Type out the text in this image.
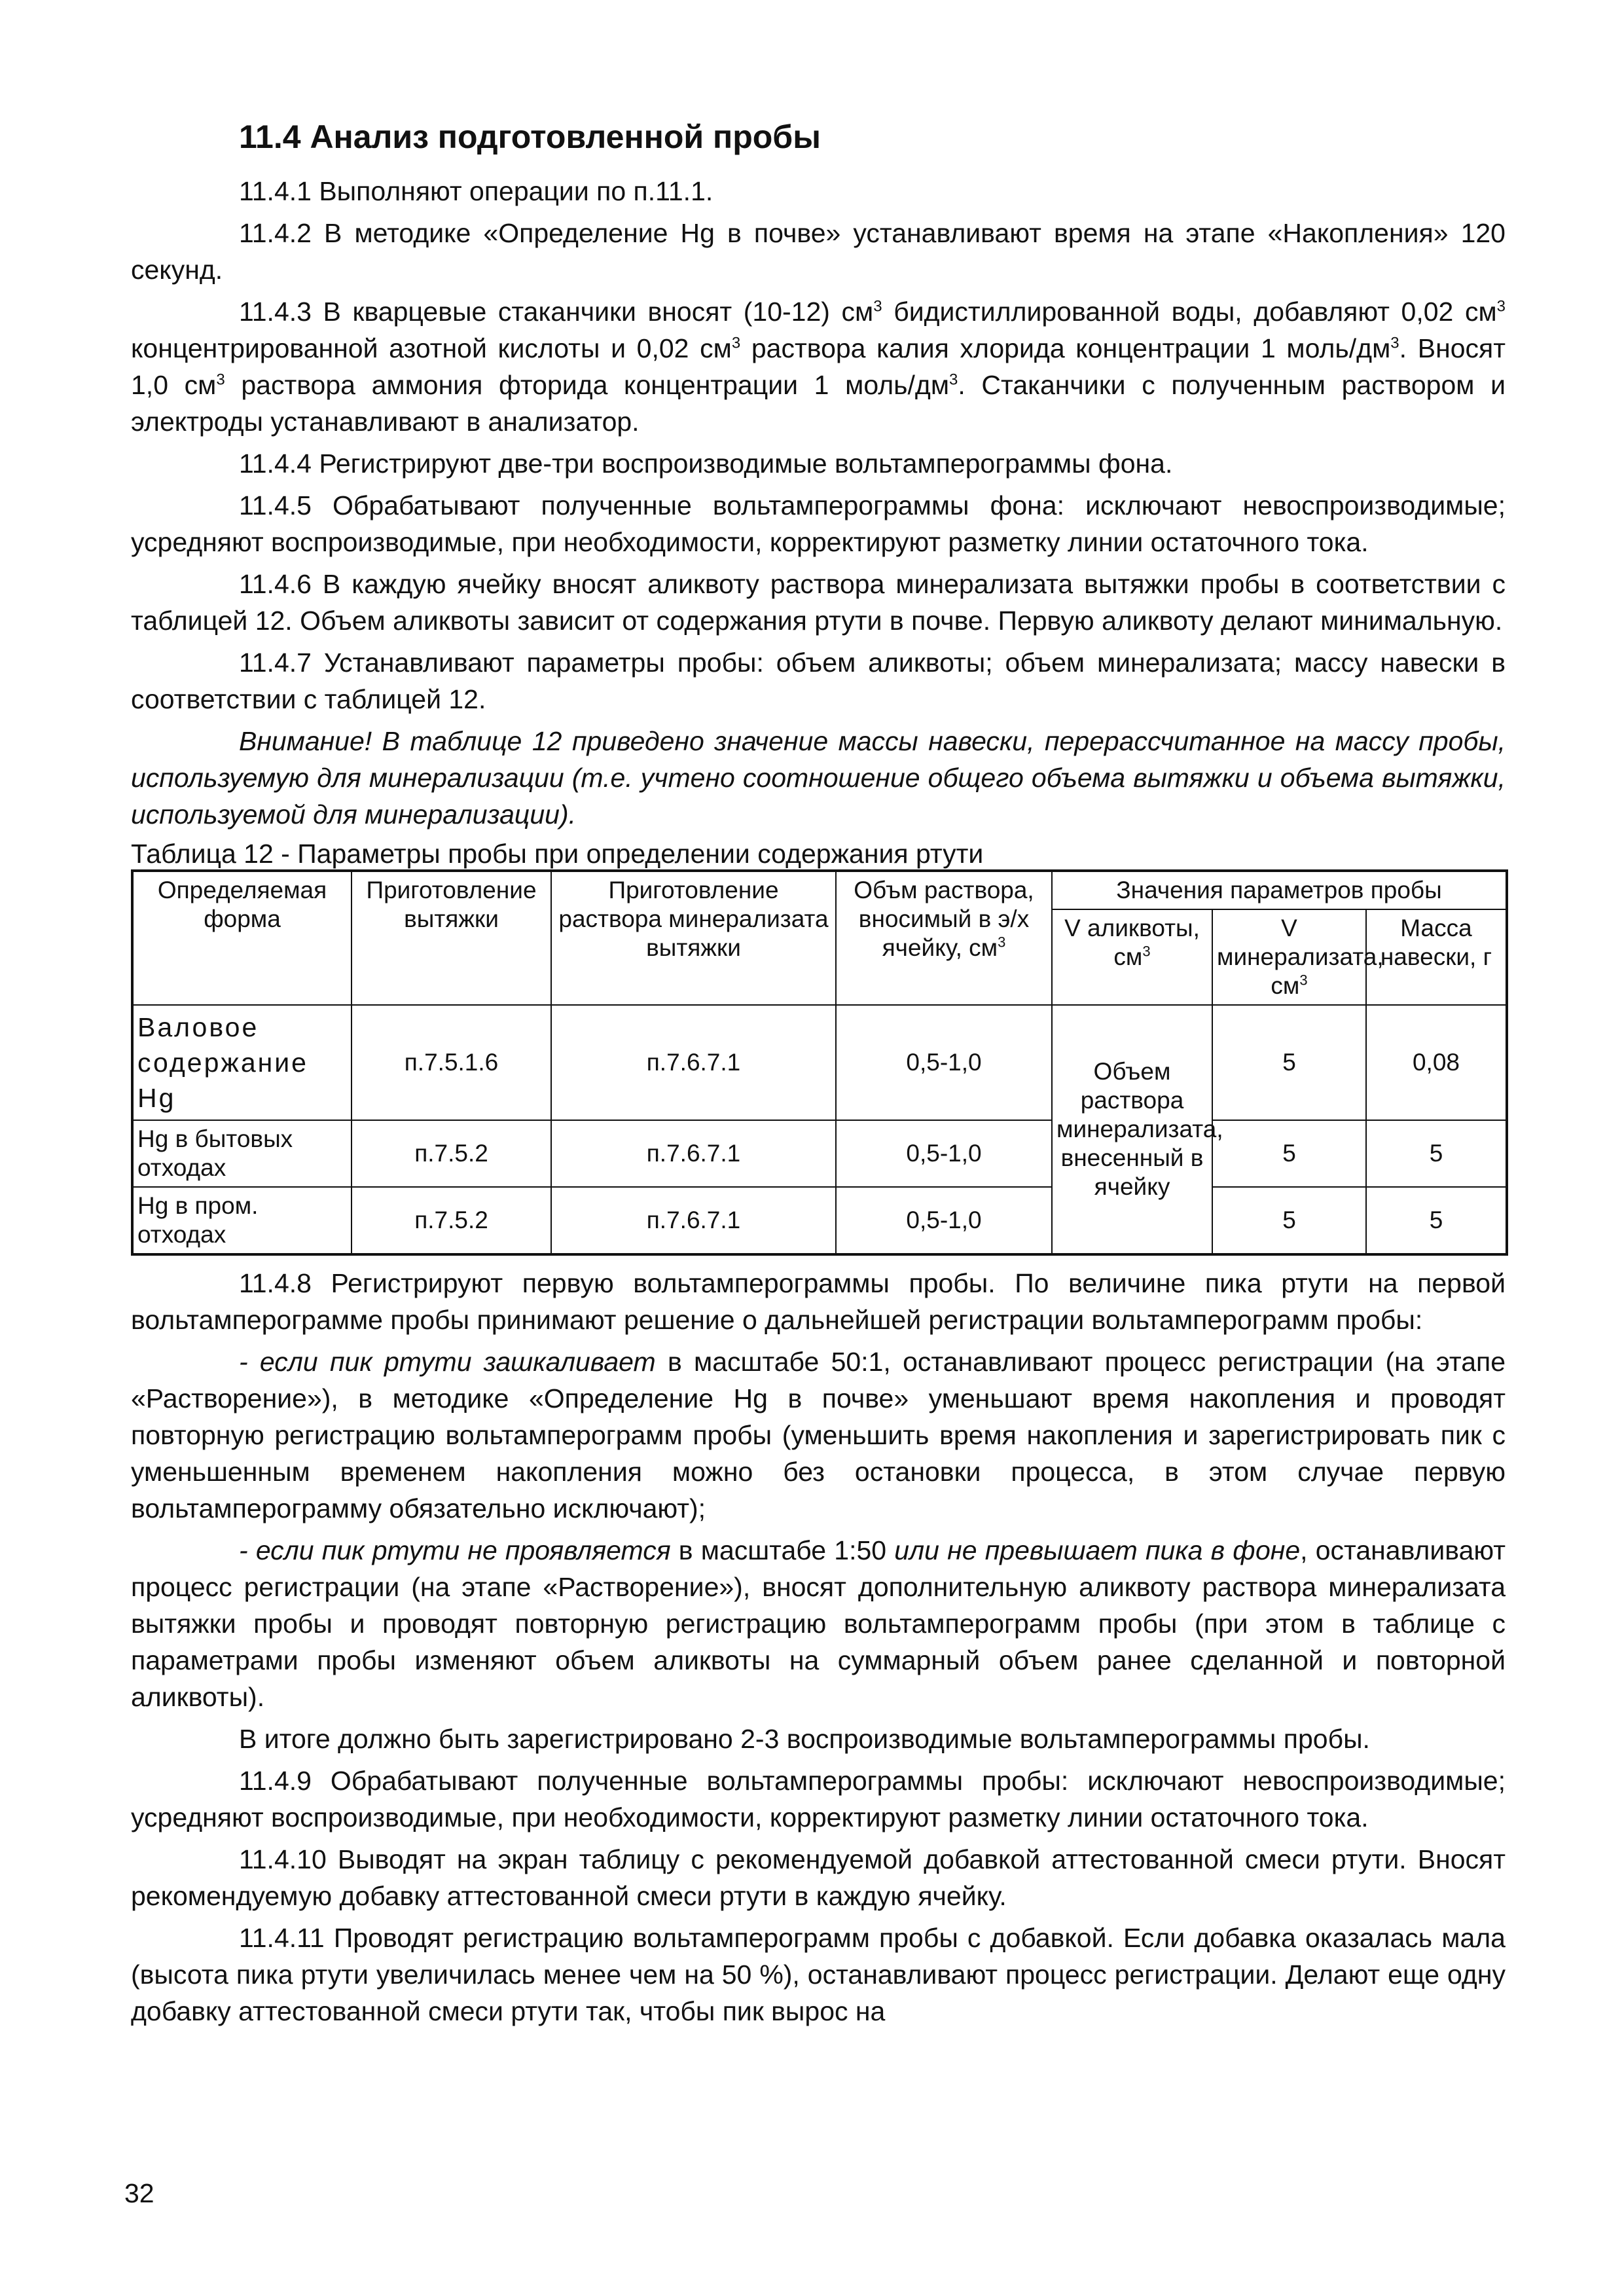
11.4 Анализ подготовленной пробы

11.4.1 Выполняют операции по п.11.1.

11.4.2 В методике «Определение Hg в почве» устанавливают время на этапе «Накопления» 120 секунд.

11.4.3 В кварцевые стаканчики вносят (10-12) $см^3$ бидистиллированной воды, добавляют 0,02 $см^3$ концентрированной азотной кислоты и 0,02 $см^3$ раствора калия хлорида концентрации 1 моль/$дм^3$. Вносят 1,0 $см^3$ раствора аммония фторида концентрации 1 моль/$дм^3$. Стаканчики с полученным раствором и электроды устанавливают в анализатор.

11.4.4 Регистрируют две-три воспроизводимые вольтамперограммы фона.

11.4.5 Обрабатывают полученные вольтамперограммы фона: исключают невоспроизводимые; усредняют воспроизводимые, при необходимости, корректируют разметку линии остаточного тока.

11.4.6 В каждую ячейку вносят аликвоту раствора минерализата вытяжки пробы в соответствии с таблицей 12. Объем аликвоты зависит от содержания ртути в почве. Первую аликвоту делают минимальную.

11.4.7 Устанавливают параметры пробы: объем аликвоты; объем минерализата; массу навески в соответствии с таблицей 12.

Внимание! В таблице 12 приведено значение массы навески, перерассчитанное на массу пробы, используемую для минерализации (т.е. учтено соотношение общего объема вытяжки и объема вытяжки, используемой для минерализации).

Таблица 12 - Параметры пробы при определении содержания ртути
Определяемая форма	Приготовление вытяжки	Приготовление раствора минерализата вытяжки	Объм раствора, вносимый в э/х ячейку, $см^3$	Значения параметров пробы		
				V аликвоты, $см^3$	V минерализата, $см^3$	Масса навески, г
Валовое содержание Hg	п.7.5.1.6	п.7.6.7.1	0,5-1,0	Объем раствора минерализата, внесенный в ячейку	5	0,08
Hg в бытовых отходах	п.7.5.2	п.7.6.7.1	0,5-1,0		5	5
Hg в пром. отходах	п.7.5.2	п.7.6.7.1	0,5-1,0		5	5

11.4.8 Регистрируют первую вольтамперограммы пробы. По величине пика ртути на первой вольтамперограмме пробы принимают решение о дальнейшей регистрации вольтамперограмм пробы:

- если пик ртути зашкаливает в масштабе 50:1, останавливают процесс регистрации (на этапе «Растворение»), в методике «Определение Hg в почве» уменьшают время накопления и проводят повторную регистрацию вольтамперограмм пробы (уменьшить время накопления и зарегистрировать пик с уменьшенным временем накопления можно без остановки процесса, в этом случае первую вольтамперограмму обязательно исключают);

- если пик ртути не проявляется в масштабе 1:50 или не превышает пика в фоне, останавливают процесс регистрации (на этапе «Растворение»), вносят дополнительную аликвоту раствора минерализата вытяжки пробы и проводят повторную регистрацию вольтамперограмм пробы (при этом в таблице с параметрами пробы изменяют объем аликвоты на суммарный объем ранее сделанной и повторной аликвоты).

В итоге должно быть зарегистрировано 2-3 воспроизводимые вольтамперограммы пробы.

11.4.9 Обрабатывают полученные вольтамперограммы пробы: исключают невоспроизводимые; усредняют воспроизводимые, при необходимости, корректируют разметку линии остаточного тока.

11.4.10 Выводят на экран таблицу с рекомендуемой добавкой аттестованной смеси ртути. Вносят рекомендуемую добавку аттестованной смеси ртути в каждую ячейку.

11.4.11 Проводят регистрацию вольтамперограмм пробы с добавкой. Если добавка оказалась мала (высота пика ртути увеличилась менее чем на 50 %), останавливают процесс регистрации. Делают еще одну добавку аттестованной смеси ртути так, чтобы пик вырос на

32
